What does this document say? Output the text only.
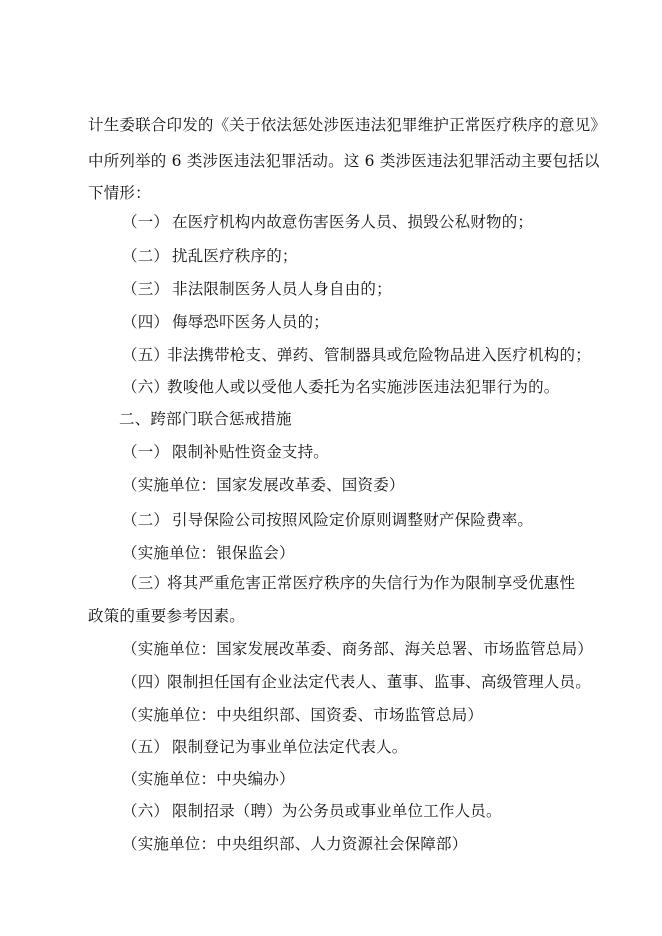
计生委联合印发的《关于依法惩处涉医违法犯罪维护正常医疗秩序的意见》
中所列举的 6 类涉医违法犯罪活动。这 6 类涉医违法犯罪活动主要包括以
下情形：
（一） 在医疗机构内故意伤害医务人员、损毁公私财物的；
（二） 扰乱医疗秩序的；
（三） 非法限制医务人员人身自由的；
（四） 侮辱恐吓医务人员的；
（五）非法携带枪支、弹药、管制器具或危险物品进入医疗机构的；
（六）教唆他人或以受他人委托为名实施涉医违法犯罪行为的。
二、跨部门联合惩戒措施
（一） 限制补贴性资金支持。
（实施单位：国家发展改革委、国资委）
（二） 引导保险公司按照风险定价原则调整财产保险费率。
（实施单位：银保监会）
（三）将其严重危害正常医疗秩序的失信行为作为限制享受优惠性
政策的重要参考因素。
（实施单位：国家发展改革委、商务部、海关总署、市场监管总局）
（四）限制担任国有企业法定代表人、董事、监事、高级管理人员。
（实施单位：中央组织部、国资委、市场监管总局）
（五） 限制登记为事业单位法定代表人。
（实施单位：中央编办）
（六） 限制招录（聘）为公务员或事业单位工作人员。
（实施单位：中央组织部、人力资源社会保障部）
